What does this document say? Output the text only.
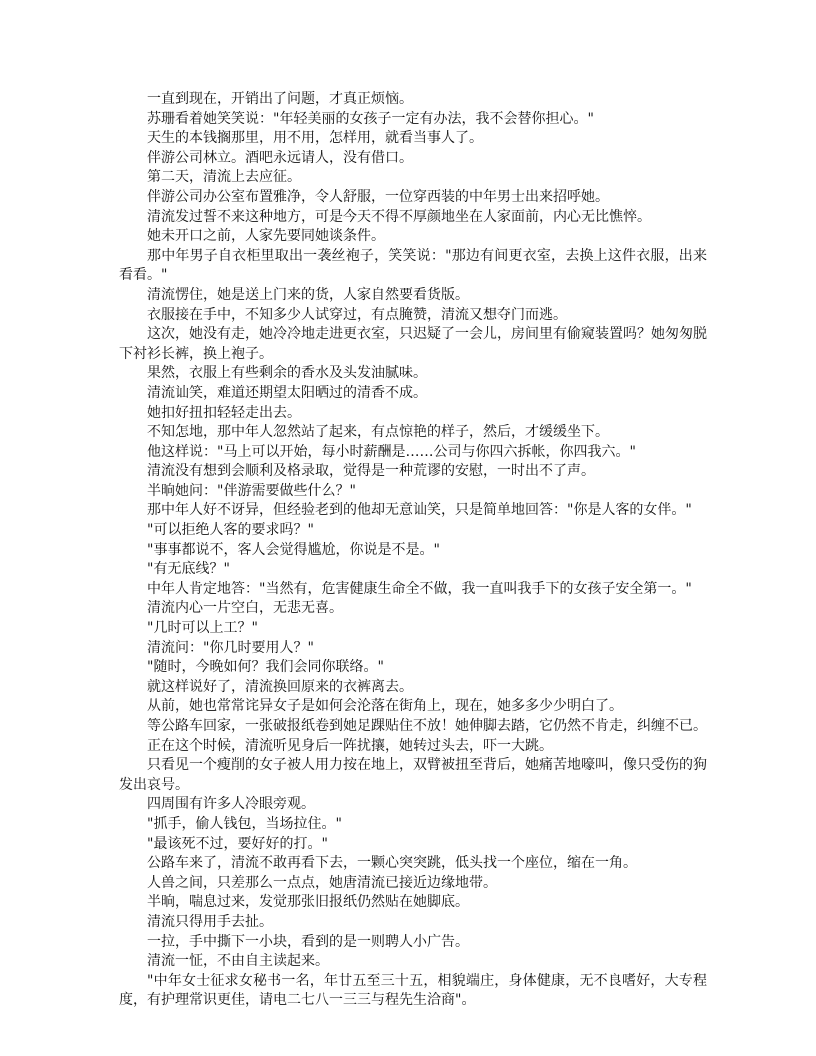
一直到现在，开销出了问题，才真正烦恼。

苏珊看着她笑笑说："年轻美丽的女孩子一定有办法，我不会替你担心。"

天生的本钱搁那里，用不用，怎样用，就看当事人了。

伴游公司林立。酒吧永远请人，没有借口。

第二天，清流上去应征。

伴游公司办公室布置雅净，令人舒服，一位穿西装的中年男士出来招呼她。

清流发过誓不来这种地方，可是今天不得不厚颜地坐在人家面前，内心无比憔悴。

她未开口之前，人家先要同她谈条件。

那中年男子自衣柜里取出一袭丝袍子，笑笑说："那边有间更衣室，去换上这件衣服，出来看看。"

清流愣住，她是送上门来的货，人家自然要看货版。

衣服接在手中，不知多少人试穿过，有点腌赞，清流又想夺门而逃。

这次，她没有走，她冷冷地走进更衣室，只迟疑了一会儿，房间里有偷窥装置吗？她匆匆脱下衬衫长裤，换上袍子。

果然，衣服上有些剩余的香水及头发油腻味。

清流讪笑，难道还期望太阳晒过的清香不成。

她扣好扭扣轻轻走出去。

不知怎地，那中年人忽然站了起来，有点惊艳的样子，然后，才缓缓坐下。

他这样说："马上可以开始，每小时薪酬是……公司与你四六拆帐，你四我六。"

清流没有想到会顺利及格录取，觉得是一种荒谬的安慰，一时出不了声。

半晌她问："伴游需要做些什么？"

那中年人好不讶异，但经验老到的他却无意讪笑，只是简单地回答："你是人客的女伴。"

"可以拒绝人客的要求吗？"

"事事都说不，客人会觉得尴尬，你说是不是。"

"有无底线？"

中年人肯定地答："当然有，危害健康生命全不做，我一直叫我手下的女孩子安全第一。"

清流内心一片空白，无悲无喜。

"几时可以上工？"

清流问："你几时要用人？"

"随时，今晚如何？我们会同你联络。"

就这样说好了，清流换回原来的衣裤离去。

从前，她也常常诧异女子是如何会沦落在街角上，现在，她多多少少明白了。

等公路车回家，一张破报纸卷到她足踝贴住不放！她伸脚去踏，它仍然不肯走，纠缠不已。

正在这个时候，清流听见身后一阵扰攘，她转过头去，吓一大跳。

只看见一个瘦削的女子被人用力按在地上，双臂被扭至背后，她痛苦地嚎叫，像只受伤的狗发出哀号。

四周围有许多人冷眼旁观。

"抓手，偷人钱包，当场拉住。"

"最该死不过，要好好的打。"

公路车来了，清流不敢再看下去，一颗心突突跳，低头找一个座位，缩在一角。

人兽之间，只差那么一点点，她唐清流已接近边缘地带。

半晌，喘息过来，发觉那张旧报纸仍然贴在她脚底。

清流只得用手去扯。

一拉，手中撕下一小块，看到的是一则聘人小广告。

清流一怔，不由自主读起来。

"中年女士征求女秘书一名，年廿五至三十五，相貌端庄，身体健康，无不良嗜好，大专程度，有护理常识更佳，请电二七八一三三与程先生洽商"。
